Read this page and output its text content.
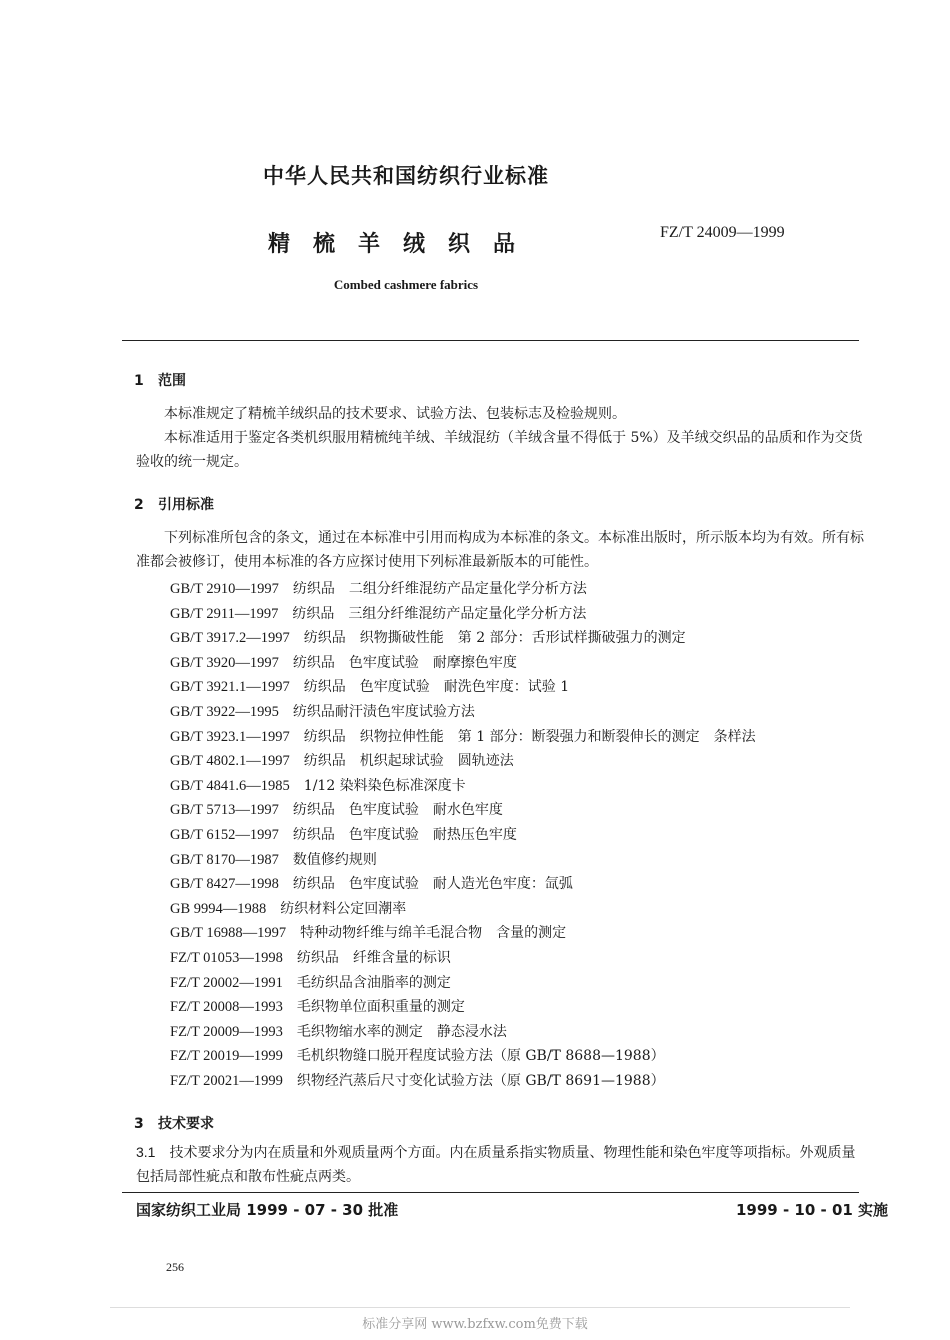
中华人民共和国纺织行业标准
精梳羊绒织品	FZ/T 24009—1999
Combed cashmere fabrics
1 范围
本标准规定了精梳羊绒织品的技术要求、试验方法、包装标志及检验规则。
本标准适用于鉴定各类机织服用精梳纯羊绒、羊绒混纺（羊绒含量不得低于 5%）及羊绒交织品的品质和作为交货验收的统一规定。
2 引用标准
下列标准所包含的条文，通过在本标准中引用而构成为本标准的条文。本标准出版时，所示版本均为有效。所有标准都会被修订，使用本标准的各方应探讨使用下列标准最新版本的可能性。
GB/T 2910—1997 纺织品　二组分纤维混纺产品定量化学分析方法
GB/T 2911—1997 纺织品　三组分纤维混纺产品定量化学分析方法
GB/T 3917.2—1997 纺织品　织物撕破性能　第 2 部分：舌形试样撕破强力的测定
GB/T 3920—1997 纺织品　色牢度试验　耐摩擦色牢度
GB/T 3921.1—1997 纺织品　色牢度试验　耐洗色牢度：试验 1
GB/T 3922—1995 纺织品耐汗渍色牢度试验方法
GB/T 3923.1—1997 纺织品　织物拉伸性能　第 1 部分：断裂强力和断裂伸长的测定　条样法
GB/T 4802.1—1997 纺织品　机织起球试验　圆轨迹法
GB/T 4841.6—1985 1/12 染料染色标准深度卡
GB/T 5713—1997 纺织品　色牢度试验　耐水色牢度
GB/T 6152—1997 纺织品　色牢度试验　耐热压色牢度
GB/T 8170—1987 数值修约规则
GB/T 8427—1998 纺织品　色牢度试验　耐人造光色牢度：氙弧
GB 9994—1988 纺织材料公定回潮率
GB/T 16988—1997 特种动物纤维与绵羊毛混合物　含量的测定
FZ/T 01053—1998 纺织品　纤维含量的标识
FZ/T 20002—1991 毛纺织品含油脂率的测定
FZ/T 20008—1993 毛织物单位面积重量的测定
FZ/T 20009—1993 毛织物缩水率的测定　静态浸水法
FZ/T 20019—1999 毛机织物缝口脱开程度试验方法（原 GB/T 8688—1988）
FZ/T 20021—1999 织物经汽蒸后尺寸变化试验方法（原 GB/T 8691—1988）
3 技术要求
3.1 技术要求分为内在质量和外观质量两个方面。内在质量系指实物质量、物理性能和染色牢度等项指标。外观质量包括局部性疵点和散布性疵点两类。
国家纺织工业局 1999 - 07 - 30 批准	1999 - 10 - 01 实施
256
标准分享网 www.bzfxw.com免费下载
